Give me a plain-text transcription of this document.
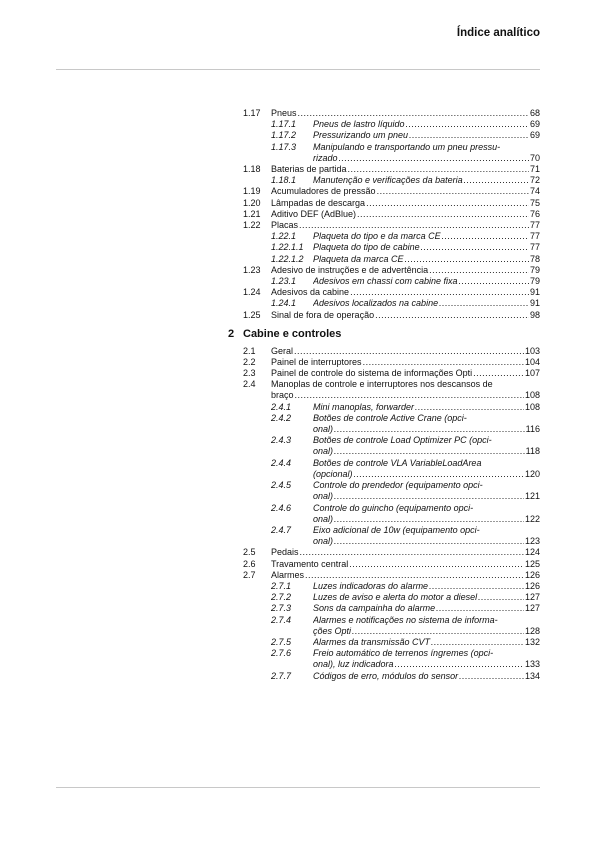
Índice analítico
1.17 Pneus . . .	68
1.17.1 Pneus de lastro líquido . . .	69
1.17.2 Pressurizando um pneu . . .	69
1.17.3 Manipulando e transportando um pneu pressu-
rizado . . .	70
1.18 Baterias de partida . . .	71
1.18.1 Manutenção e verificações da bateria . . .	72
1.19 Acumuladores de pressão . . .	74
1.20 Lâmpadas de descarga . . .	75
1.21 Aditivo DEF (AdBlue) . . .	76
1.22 Placas . . .	77
1.22.1 Plaqueta do tipo e da marca CE . . .	77
1.22.1.1 Plaqueta do tipo de cabine . . .	77
1.22.1.2 Plaqueta da marca CE . . .	78
1.23 Adesivo de instruções e de advertência . . .	79
1.23.1 Adesivos em chassi com cabine fixa . . .	79
1.24 Adesivos da cabine . . .	91
1.24.1 Adesivos localizados na cabine . . .	91
1.25 Sinal de fora de operação . . .	98
2 Cabine e controles
2.1 Geral . . .	103
2.2 Painel de interruptores . . .	104
2.3 Painel de controle do sistema de informações Opti . . .	107
2.4 Manoplas de controle e interruptores nos descansos de
braço . . .	108
2.4.1 Mini manoplas, forwarder . . .	108
2.4.2 Botões de controle Active Crane (opci-
onal) . . .	116
2.4.3 Botões de controle Load Optimizer PC (opci-
onal) . . .	118
2.4.4 Botões de controle VLA VariableLoadArea
(opcional) . . .	120
2.4.5 Controle do prendedor (equipamento opci-
onal) . . .	121
2.4.6 Controle do guincho (equipamento opci-
onal) . . .	122
2.4.7 Eixo adicional de 10w (equipamento opci-
onal) . . .	123
2.5 Pedais . . .	124
2.6 Travamento central . . .	125
2.7 Alarmes . . .	126
2.7.1 Luzes indicadoras do alarme . . .	126
2.7.2 Luzes de aviso e alerta do motor a diesel . . .	127
2.7.3 Sons da campainha do alarme . . .	127
2.7.4 Alarmes e notificações no sistema de informa-
ções Opti . . .	128
2.7.5 Alarmes da transmissão CVT . . .	132
2.7.6 Freio automático de terrenos íngremes (opci-
onal), luz indicadora . . .	133
2.7.7 Códigos de erro, módulos do sensor . . .	134
